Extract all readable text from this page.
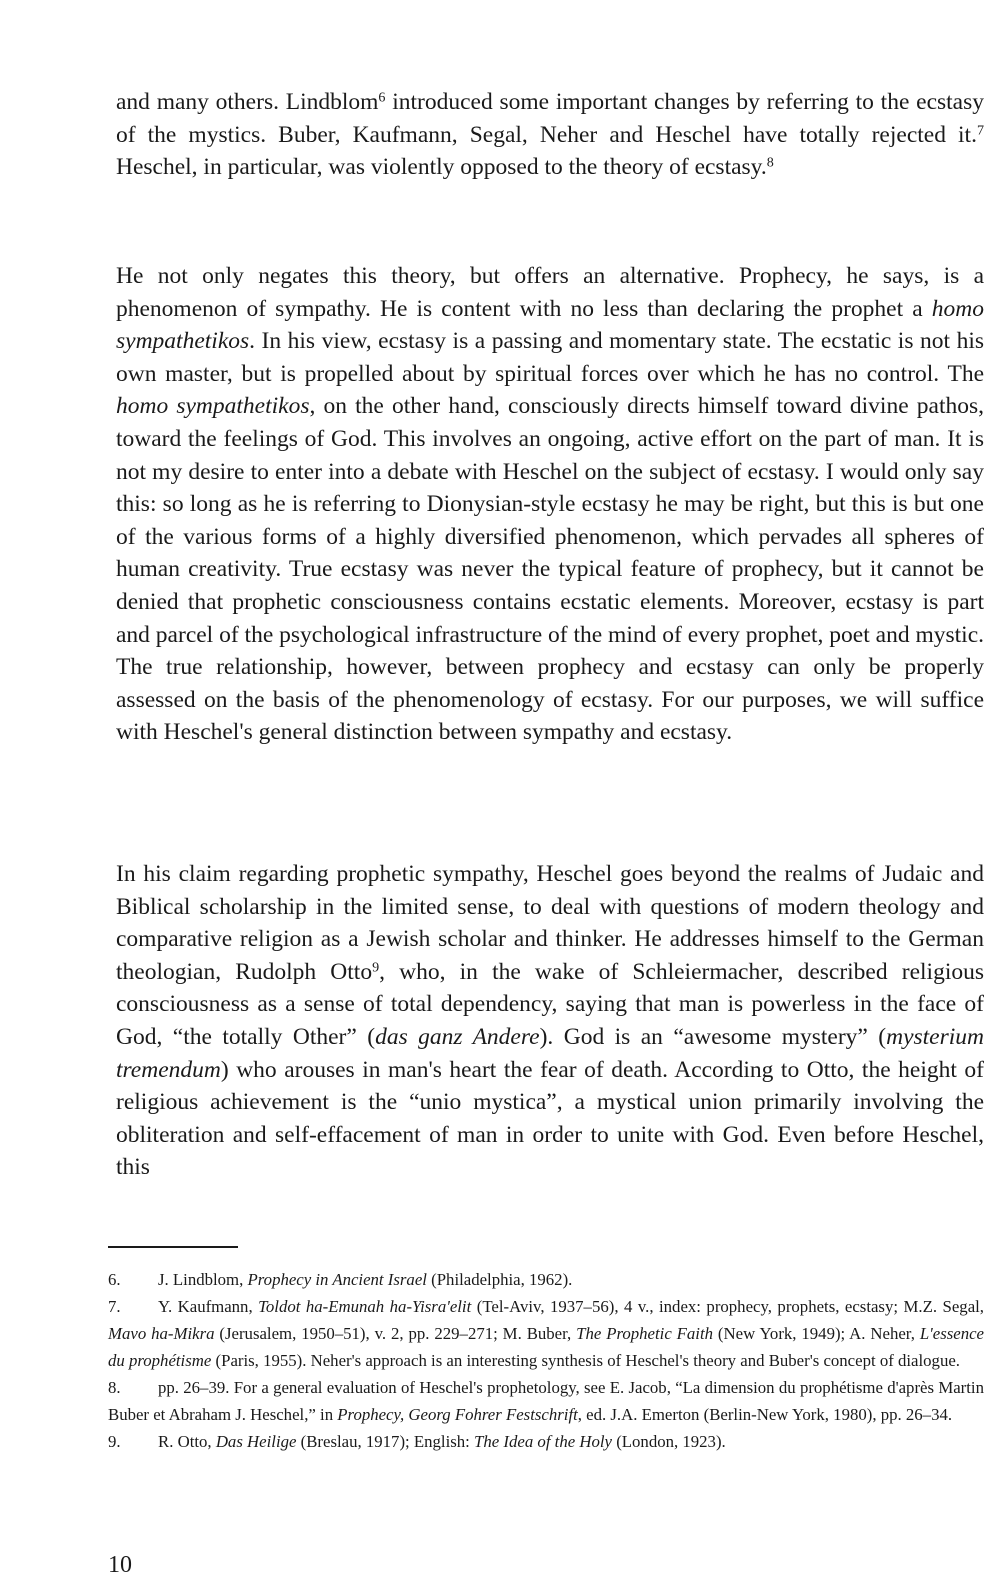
and many others. Lindblom$^6$ introduced some important changes by referring to the ecstasy of the mystics. Buber, Kaufmann, Segal, Neher and Heschel have totally rejected it.$^7$ Heschel, in particular, was violently opposed to the theory of ecstasy.$^8$

He not only negates this theory, but offers an alternative. Prophecy, he says, is a phenomenon of sympathy. He is content with no less than declaring the prophet a homo sympathetikos. In his view, ecstasy is a passing and momentary state. The ecstatic is not his own master, but is propelled about by spiritual forces over which he has no control. The homo sympathetikos, on the other hand, consciously directs himself toward divine pathos, toward the feelings of God. This involves an ongoing, active effort on the part of man. It is not my desire to enter into a debate with Heschel on the subject of ecstasy. I would only say this: so long as he is referring to Dionysian-style ecstasy he may be right, but this is but one of the various forms of a highly diversified phenomenon, which pervades all spheres of human creativity. True ecstasy was never the typical feature of prophecy, but it cannot be denied that prophetic consciousness contains ecstatic elements. Moreover, ecstasy is part and parcel of the psychological infrastructure of the mind of every prophet, poet and mystic. The true relationship, however, between prophecy and ecstasy can only be properly assessed on the basis of the phenomenology of ecstasy. For our purposes, we will suffice with Heschel's general distinction between sympathy and ecstasy.

In his claim regarding prophetic sympathy, Heschel goes beyond the realms of Judaic and Biblical scholarship in the limited sense, to deal with questions of modern theology and comparative religion as a Jewish scholar and thinker. He addresses himself to the German theologian, Rudolph Otto$^9$, who, in the wake of Schleiermacher, described religious consciousness as a sense of total dependency, saying that man is powerless in the face of God, “the totally Other” (das ganz Andere). God is an “awesome mystery” (mysterium tremendum) who arouses in man's heart the fear of death. According to Otto, the height of religious achievement is the “unio mystica”, a mystical union primarily involving the obliteration and self-effacement of man in order to unite with God. Even before Heschel, this

6. J. Lindblom, Prophecy in Ancient Israel (Philadelphia, 1962).

7. Y. Kaufmann, Toldot ha-Emunah ha-Yisra'elit (Tel-Aviv, 1937–56), 4 v., index: prophecy, prophets, ecstasy; M.Z. Segal, Mavo ha-Mikra (Jerusalem, 1950–51), v. 2, pp. 229–271; M. Buber, The Prophetic Faith (New York, 1949); A. Neher, L'essence du prophétisme (Paris, 1955). Neher's approach is an interesting synthesis of Heschel's theory and Buber's concept of dialogue.

8. pp. 26–39. For a general evaluation of Heschel's prophetology, see E. Jacob, “La dimension du prophétisme d'après Martin Buber et Abraham J. Heschel,” in Prophecy, Georg Fohrer Festschrift, ed. J.A. Emerton (Berlin-New York, 1980), pp. 26–34.

9. R. Otto, Das Heilige (Breslau, 1917); English: The Idea of the Holy (London, 1923).

10
